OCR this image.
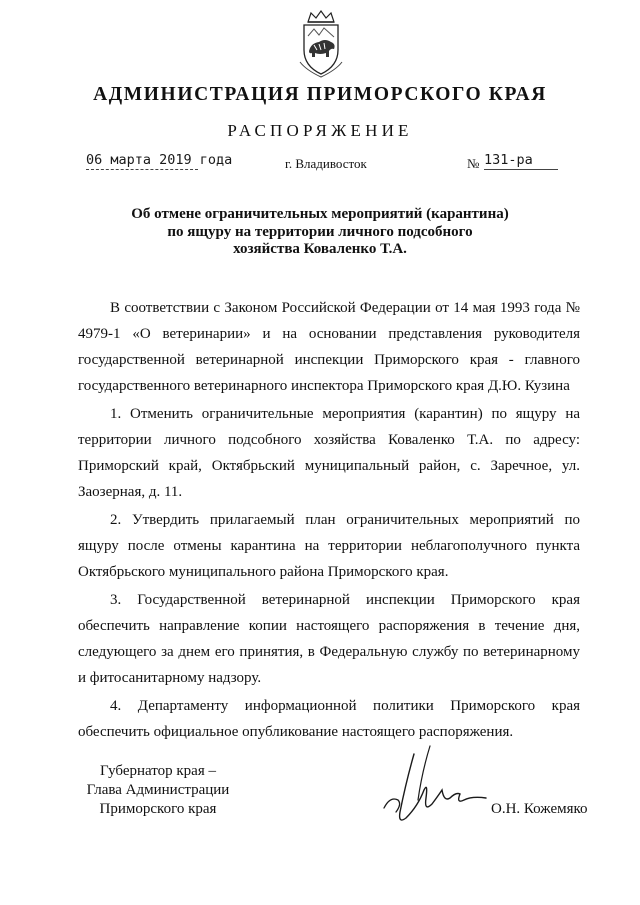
АДМИНИСТРАЦИЯ ПРИМОРСКОГО КРАЯ
РАСПОРЯЖЕНИЕ
06 марта 2019 года	г. Владивосток	№ 131-ра
Об отмене ограничительных мероприятий (карантина)
по ящуру на территории личного подсобного
хозяйства Коваленко Т.А.

В соответствии с Законом Российской Федерации от 14 мая 1993 года № 4979-1 «О ветеринарии» и на основании представления руководителя государственной ветеринарной инспекции Приморского края - главного государственного ветеринарного инспектора Приморского края Д.Ю. Кузина

1. Отменить ограничительные мероприятия (карантин) по ящуру на территории личного подсобного хозяйства Коваленко Т.А. по адресу: Приморский край, Октябрьский муниципальный район, с. Заречное, ул. Заозерная, д. 11.

2. Утвердить прилагаемый план ограничительных мероприятий по ящуру после отмены карантина на территории неблагополучного пункта Октябрьского муниципального района Приморского края.

3. Государственной ветеринарной инспекции Приморского края обеспечить направление копии настоящего распоряжения в течение дня, следующего за днем его принятия, в Федеральную службу по ветеринарному и фитосанитарному надзору.

4. Департаменту информационной политики Приморского края обеспечить официальное опубликование настоящего распоряжения.

Губернатор края –
Глава Администрации
Приморского края	О.Н. Кожемяко
